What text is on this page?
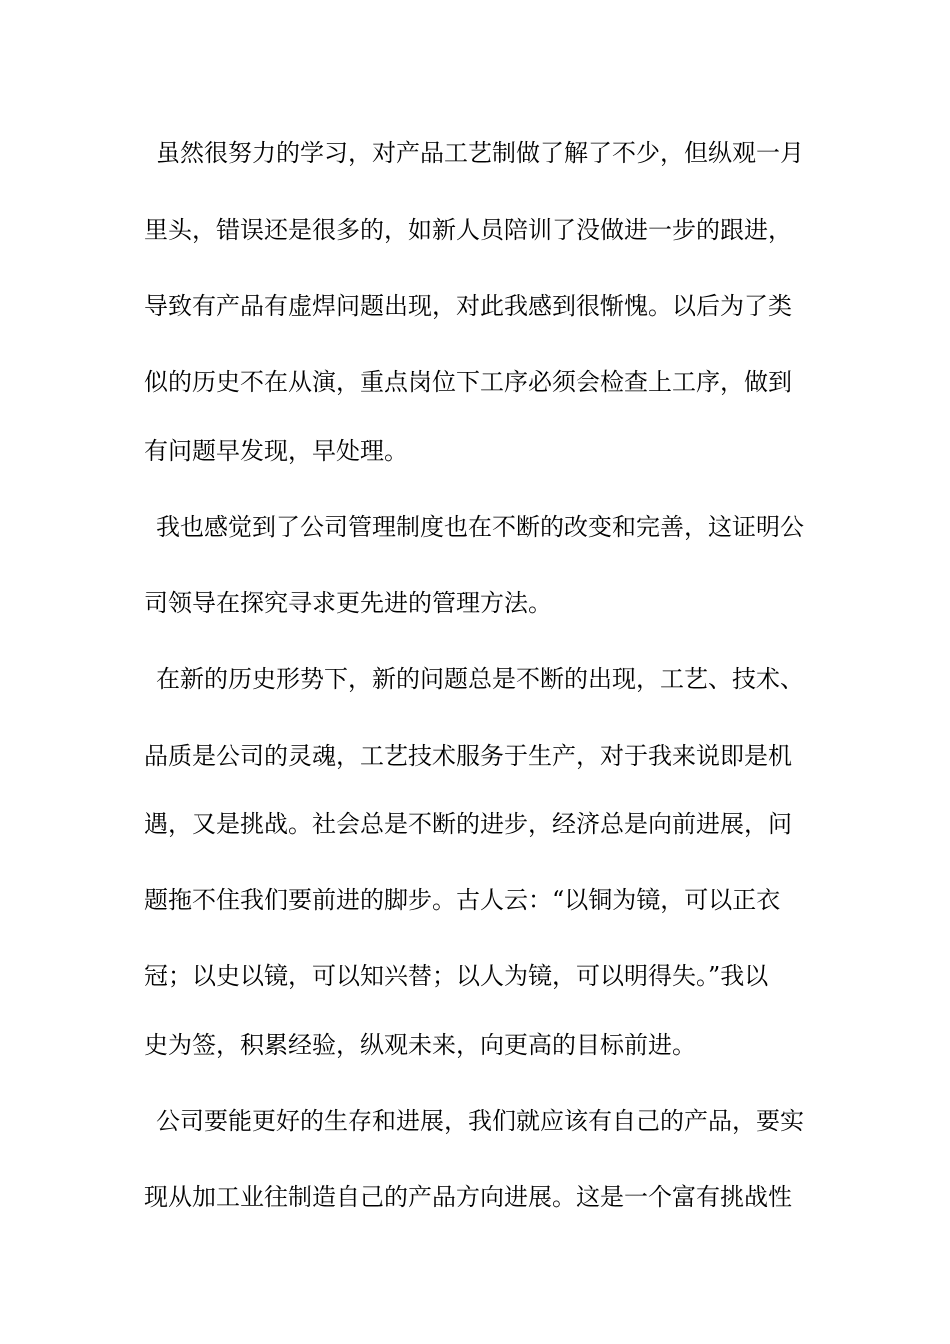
虽然很努力的学习，对产品工艺制做了解了不少，但纵观一月
里头，错误还是很多的，如新人员陪训了没做进一步的跟进，
导致有产品有虚焊问题出现，对此我感到很惭愧。以后为了类
似的历史不在从演，重点岗位下工序必须会检查上工序，做到
有问题早发现，早处理。
我也感觉到了公司管理制度也在不断的改变和完善，这证明公
司领导在探究寻求更先进的管理方法。
在新的历史形势下，新的问题总是不断的出现，工艺、技术、
品质是公司的灵魂，工艺技术服务于生产，对于我来说即是机
遇，又是挑战。社会总是不断的进步，经济总是向前进展，问
题拖不住我们要前进的脚步。古人云：“以铜为镜，可以正衣
冠；以史以镜，可以知兴替；以人为镜，可以明得失。”我以
史为签，积累经验，纵观未来，向更高的目标前进。
公司要能更好的生存和进展，我们就应该有自己的产品，要实
现从加工业往制造自己的产品方向进展。这是一个富有挑战性
